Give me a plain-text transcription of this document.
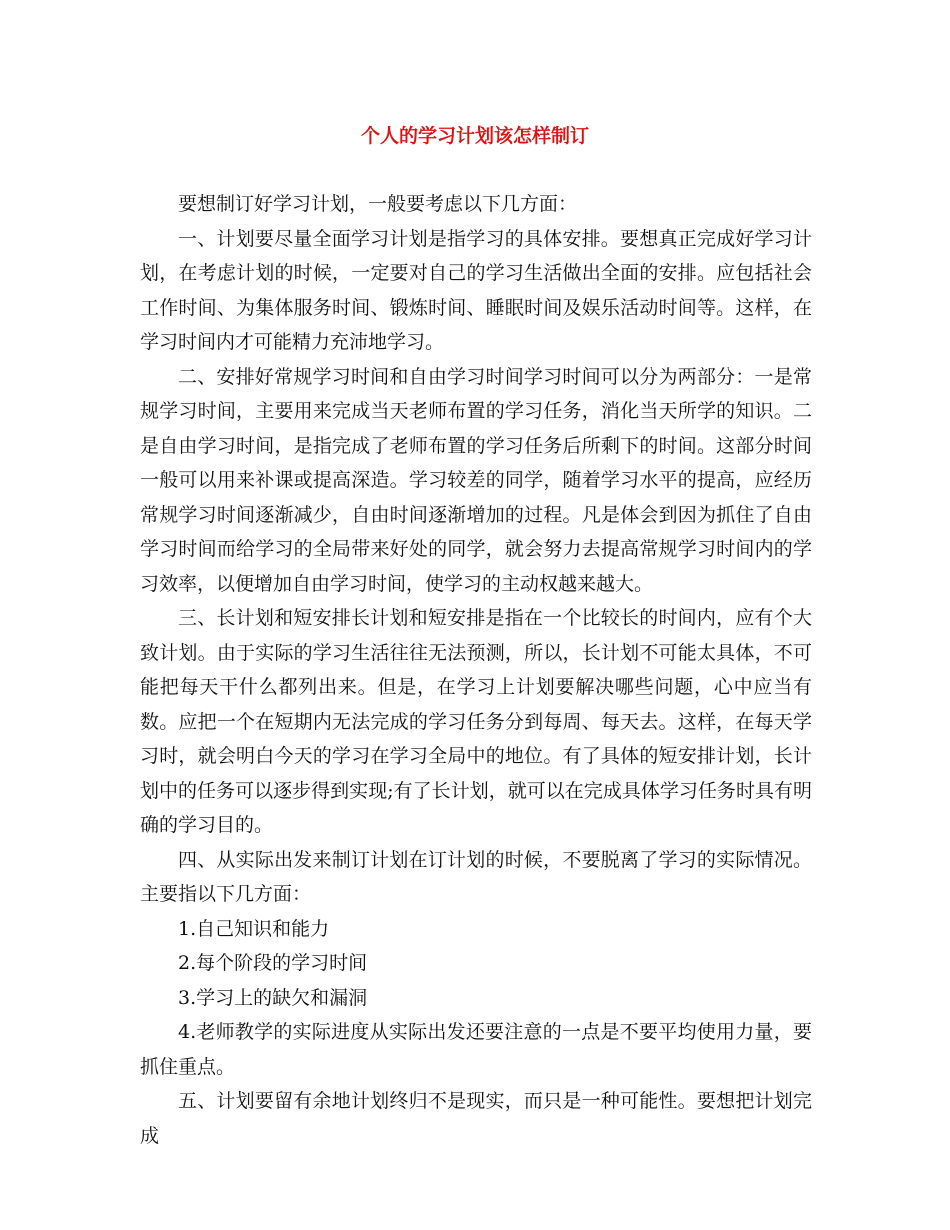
个人的学习计划该怎样制订

要想制订好学习计划，一般要考虑以下几方面：

一、计划要尽量全面学习计划是指学习的具体安排。要想真正完成好学习计划，在考虑计划的时候，一定要对自己的学习生活做出全面的安排。应包括社会工作时间、为集体服务时间、锻炼时间、睡眠时间及娱乐活动时间等。这样，在学习时间内才可能精力充沛地学习。

二、安排好常规学习时间和自由学习时间学习时间可以分为两部分：一是常规学习时间，主要用来完成当天老师布置的学习任务，消化当天所学的知识。二是自由学习时间，是指完成了老师布置的学习任务后所剩下的时间。这部分时间一般可以用来补课或提高深造。学习较差的同学，随着学习水平的提高，应经历常规学习时间逐渐减少，自由时间逐渐增加的过程。凡是体会到因为抓住了自由学习时间而给学习的全局带来好处的同学，就会努力去提高常规学习时间内的学习效率，以便增加自由学习时间，使学习的主动权越来越大。

三、长计划和短安排长计划和短安排是指在一个比较长的时间内，应有个大致计划。由于实际的学习生活往往无法预测，所以，长计划不可能太具体，不可能把每天干什么都列出来。但是，在学习上计划要解决哪些问题，心中应当有数。应把一个在短期内无法完成的学习任务分到每周、每天去。这样，在每天学习时，就会明白今天的学习在学习全局中的地位。有了具体的短安排计划，长计划中的任务可以逐步得到实现;有了长计划，就可以在完成具体学习任务时具有明确的学习目的。

四、从实际出发来制订计划在订计划的时候，不要脱离了学习的实际情况。主要指以下几方面：

1.自己知识和能力

2.每个阶段的学习时间

3.学习上的缺欠和漏洞

4.老师教学的实际进度从实际出发还要注意的一点是不要平均使用力量，要抓住重点。

五、计划要留有余地计划终归不是现实，而只是一种可能性。要想把计划完成
